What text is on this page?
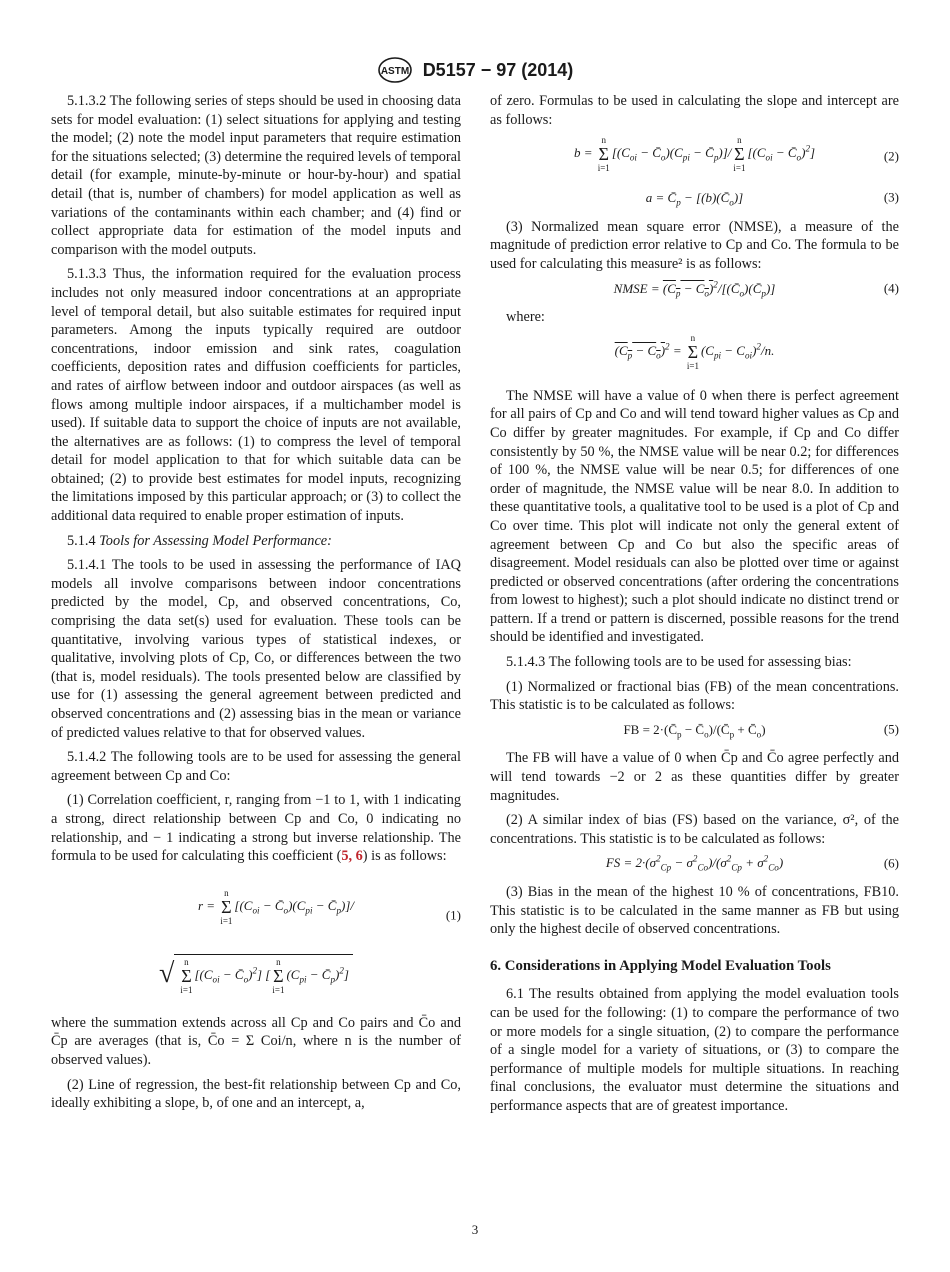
ASTM D5157 − 97 (2014)

5.1.3.2 The following series of steps should be used in choosing data sets for model evaluation: (1) select situations for applying and testing the model; (2) note the model input parameters that require estimation for the situations selected; (3) determine the required levels of temporal detail (for example, minute-by-minute or hour-by-hour) and spatial detail (that is, number of chambers) for model application as well as variations of the contaminants within each chamber; and (4) find or collect appropriate data for estimation of the model inputs and comparison with the model outputs.

5.1.3.3 Thus, the information required for the evaluation process includes not only measured indoor concentrations at an appropriate level of temporal detail, but also suitable estimates for required input parameters. Among the inputs typically required are outdoor concentrations, indoor emission and sink rates, coagulation coefficients, deposition rates and diffusion coefficients for particles, and rates of airflow between indoor and outdoor airspaces (as well as flows among multiple indoor airspaces, if a multichamber model is used). If suitable data to support the choice of inputs are not available, the alternatives are as follows: (1) to compress the level of temporal detail for model application to that for which suitable data can be obtained; (2) to provide best estimates for model inputs, recognizing the limitations imposed by this particular approach; or (3) to collect the additional data required to enable proper estimation of inputs.

5.1.4 Tools for Assessing Model Performance:

5.1.4.1 The tools to be used in assessing the performance of IAQ models all involve comparisons between indoor concentrations predicted by the model, Cp, and observed concentrations, Co, comprising the data set(s) used for evaluation. These tools can be quantitative, involving various types of statistical indexes, or qualitative, involving plots of Cp, Co, or differences between the two (that is, model residuals). The tools presented below are classified by use for (1) assessing the general agreement between predicted and observed concentrations and (2) assessing bias in the mean or variance of predicted values relative to that for observed values.

5.1.4.2 The following tools are to be used for assessing the general agreement between Cp and Co:

(1) Correlation coefficient, r, ranging from −1 to 1, with 1 indicating a strong, direct relationship between Cp and Co, 0 indicating no relationship, and − 1 indicating a strong but inverse relationship. The formula to be used for calculating this coefficient (5, 6) is as follows:

r = n
Σ
$i=1[(C_{oi}$ − $C̄_o)(C_{pi}$ − $C̄_p)]/$
(1)
√ n
Σ
$i=1[(C_{oi}$ − $C̄_o)^2$] [n
Σ
$i=1(C_{pi}$ − $C̄_p)^2$]

where the summation extends across all Cp and Co pairs and C̄o and C̄p are averages (that is, C̄o = Σ Coi/n, where n is the number of observed values).

(2) Line of regression, the best-fit relationship between Cp and Co, ideally exhibiting a slope, b, of one and an intercept, a,

of zero. Formulas to be used in calculating the slope and intercept are as follows:

b = n
Σ
$i=1[(C_{oi}$ − $C̄_o)(C_{pi}$ − $C̄_p)]/n$
Σ
$i=1[(C_{oi}$ − $C̄_o)^2$]	(2)
$a = C̄_p$ − $[(b)(C̄_o)]$	(3)

(3) Normalized mean square error (NMSE), a measure of the magnitude of prediction error relative to Cp and Co. The formula to be used for calculating this measure² is as follows:

NMSE = ($C_p$ − $C_o)^2/[(C̄_o)(C̄_p)]$	(4)

where:

$(C_p - C_o)^2 = n$
Σ
$i=1(C_{pi} - C_{oi})^2/n$.

The NMSE will have a value of 0 when there is perfect agreement for all pairs of Cp and Co and will tend toward higher values as Cp and Co differ by greater magnitudes. For example, if Cp and Co differ consistently by 50 %, the NMSE value will be near 0.2; for differences of 100 %, the NMSE value will be near 0.5; for differences of one order of magnitude, the NMSE value will be near 8.0. In addition to these quantitative tools, a qualitative tool to be used is a plot of Cp and Co over time. This plot will indicate not only the general extent of agreement between Cp and Co but also the specific areas of disagreement. Model residuals can also be plotted over time or against predicted or observed concentrations (after ordering the concentrations from lowest to highest); such a plot should indicate no distinct trend or pattern. If a trend or pattern is discerned, possible reasons for the trend should be identified and investigated.

5.1.4.3 The following tools are to be used for assessing bias:

(1) Normalized or fractional bias (FB) of the mean concentrations. This statistic is to be calculated as follows:

FB = $2\cdot(C̄_p$ − $C̄_o)/(C̄_p$ + $C̄_o$)	(5)

The FB will have a value of 0 when C̄p and C̄o agree perfectly and will tend towards −2 or 2 as these quantities differ by greater magnitudes.

(2) A similar index of bias (FS) based on the variance, σ², of the concentrations. This statistic is to be calculated as follows:

FS = $2\cdot(\sigma^2_{Cp} - \sigma^2_{Co})/(\sigma^2_{Cp} + \sigma^2_{Co})$	(6)

(3) Bias in the mean of the highest 10 % of concentrations, FB10. This statistic is to be calculated in the same manner as FB but using only the highest decile of observed concentrations.

6. Considerations in Applying Model Evaluation Tools

6.1 The results obtained from applying the model evaluation tools can be used for the following: (1) to compare the performance of two or more models for a single situation, (2) to compare the performance of a single model for a variety of situations, or (3) to compare the performance of multiple models for multiple situations. In reaching final conclusions, the evaluator must determine the situations and performance aspects that are of greatest importance.

3
